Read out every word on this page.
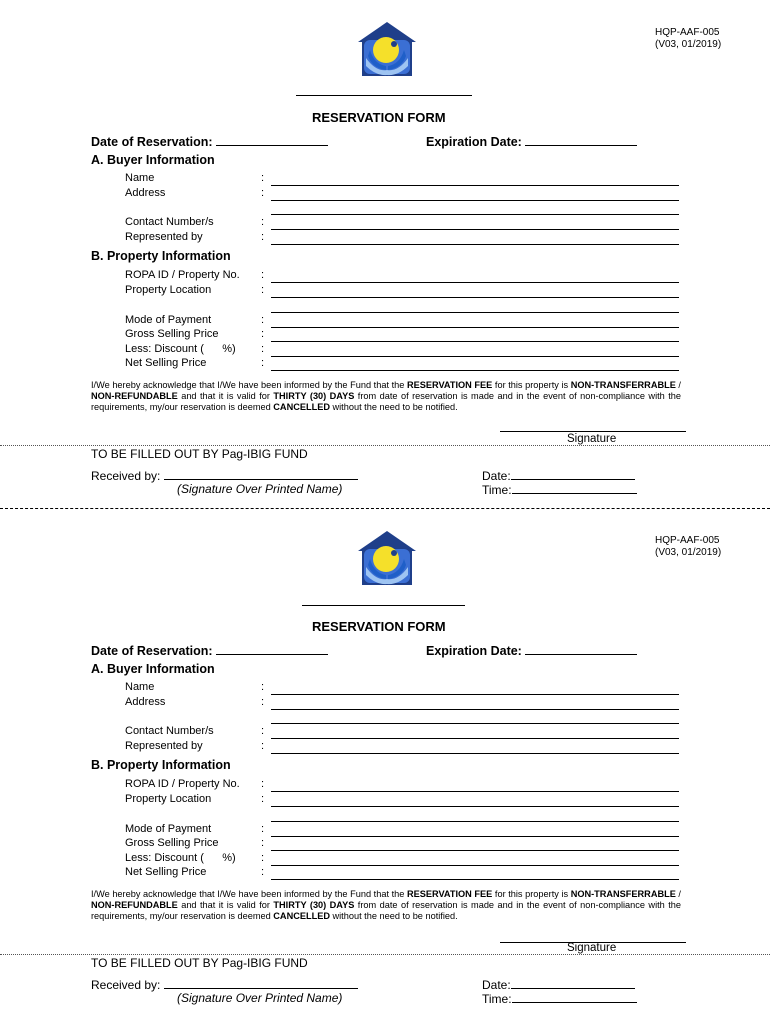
HQP-AAF-005
(V03, 01/2019)
RESERVATION FORM
Date of Reservation:	Expiration Date:
A. Buyer Information
Name	:
Address	:
Contact Number/s	:
Represented by	:
B. Property Information
ROPA ID / Property No. :
Property Location	:
Mode of Payment	:
Gross Selling Price	:
Less: Discount (      %) :
Net Selling Price	:
I/We hereby acknowledge that I/We have been informed by the Fund that the RESERVATION FEE for this property is NON-TRANSFERRABLE / NON-REFUNDABLE and that it is valid for THIRTY (30) DAYS from date of reservation is made and in the event of non-compliance with the requirements, my/our reservation is deemed CANCELLED without the need to be notified.
Signature
TO BE FILLED OUT BY Pag-IBIG FUND
Received by:
(Signature Over Printed Name)
Date:
Time:
HQP-AAF-005
(V03, 01/2019)
RESERVATION FORM
Date of Reservation:	Expiration Date:
A. Buyer Information
Name	:
Address	:
Contact Number/s	:
Represented by	:
B. Property Information
ROPA ID / Property No. :
Property Location	:
Mode of Payment	:
Gross Selling Price	:
Less: Discount (      %) :
Net Selling Price	:
I/We hereby acknowledge that I/We have been informed by the Fund that the RESERVATION FEE for this property is NON-TRANSFERRABLE / NON-REFUNDABLE and that it is valid for THIRTY (30) DAYS from date of reservation is made and in the event of non-compliance with the requirements, my/our reservation is deemed CANCELLED without the need to be notified.
Signature
TO BE FILLED OUT BY Pag-IBIG FUND
Received by:
(Signature Over Printed Name)
Date:
Time:
